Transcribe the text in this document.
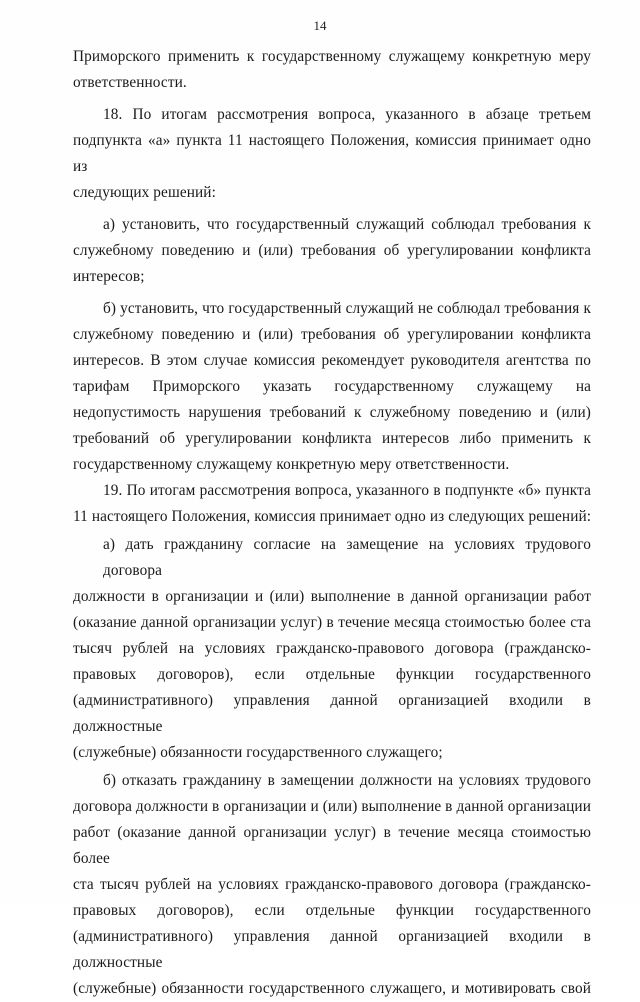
14
Приморского применить к государственному служащему конкретную меру
ответственности.
18. По итогам рассмотрения вопроса, указанного в абзаце третьем
подпункта «а» пункта 11 настоящего Положения, комиссия принимает одно из
следующих решений:
а) установить, что государственный служащий соблюдал требования к
служебному поведению и (или) требования об урегулировании конфликта
интересов;
б) установить, что государственный служащий не соблюдал требования к
служебному поведению и (или) требования об урегулировании конфликта
интересов. В этом случае комиссия рекомендует руководителя агентства по
тарифам Приморского указать государственному служащему на
недопустимость нарушения требований к служебному поведению и (или)
требований об урегулировании конфликта интересов либо применить к
государственному служащему конкретную меру ответственности.
19. По итогам рассмотрения вопроса, указанного в подпункте «б» пункта
11 настоящего Положения, комиссия принимает одно из следующих решений:
а) дать гражданину согласие на замещение на условиях трудового договора
должности в организации и (или) выполнение в данной организации работ
(оказание данной организации услуг) в течение месяца стоимостью более ста
тысяч рублей на условиях гражданско-правового договора (гражданско-
правовых договоров), если отдельные функции государственного
(административного) управления данной организацией входили в должностные
(служебные) обязанности государственного служащего;
б) отказать гражданину в замещении должности на условиях трудового
договора должности в организации и (или) выполнение в данной организации
работ (оказание данной организации услуг) в течение месяца стоимостью более
ста тысяч рублей на условиях гражданско-правового договора (гражданско-
правовых договоров), если отдельные функции государственного
(административного) управления данной организацией входили в должностные
(служебные) обязанности государственного служащего, и мотивировать свой
